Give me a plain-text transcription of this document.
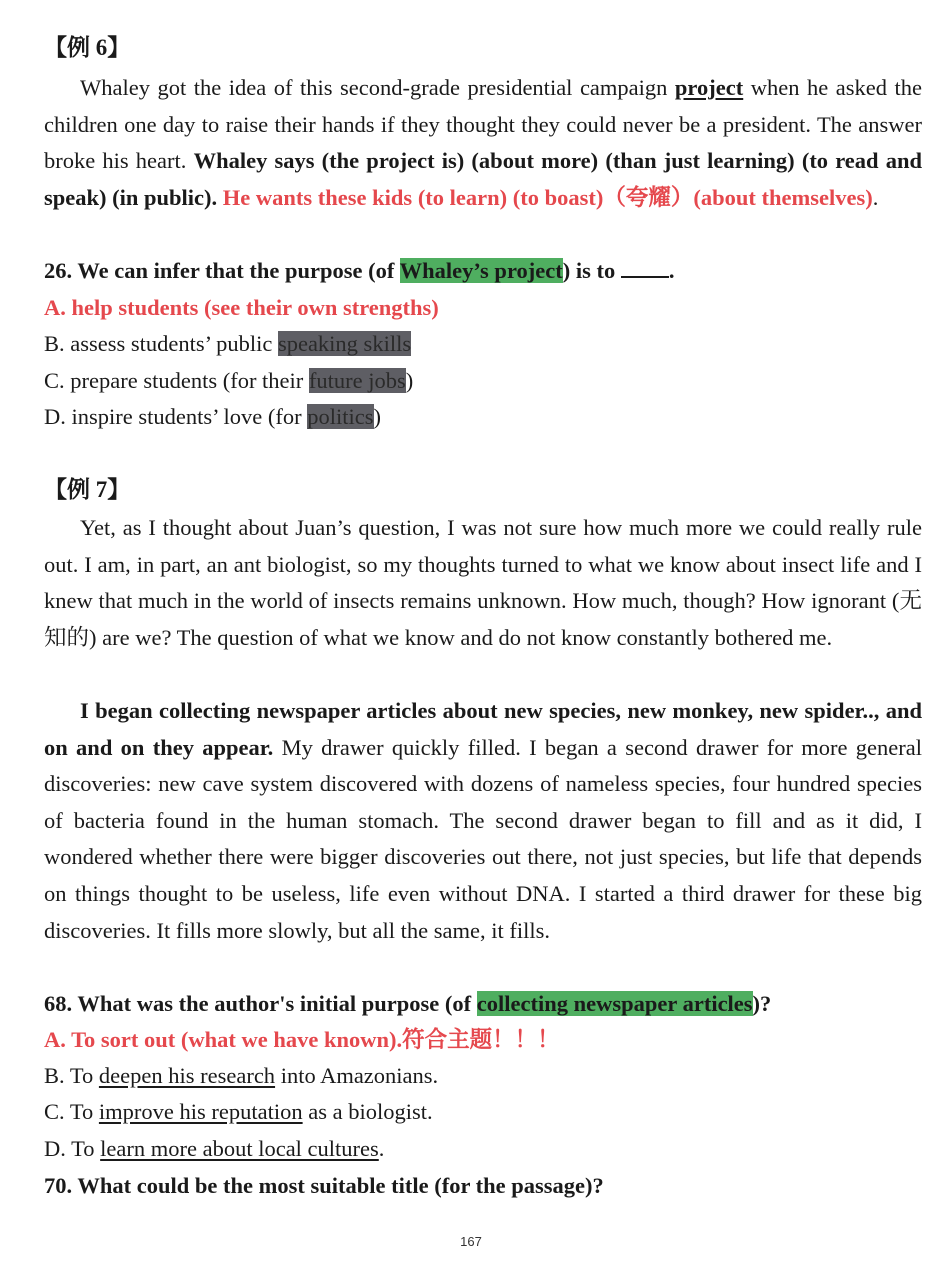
【例 6】

Whaley got the idea of this second-grade presidential campaign project when he asked the children one day to raise their hands if they thought they could never be a president. The answer broke his heart. Whaley says (the project is) (about more) (than just learning) (to read and speak) (in public). He wants these kids (to learn) (to boast)（夸耀）(about themselves).

26. We can infer that the purpose (of Whaley’s project) is to .
A. help students (see their own strengths)
B. assess students’ public speaking skills
C. prepare students (for their future jobs)
D. inspire students’ love (for politics)
【例 7】

Yet, as I thought about Juan’s question, I was not sure how much more we could really rule out. I am, in part, an ant biologist, so my thoughts turned to what we know about insect life and I knew that much in the world of insects remains unknown. How much, though? How ignorant (无知的) are we? The question of what we know and do not know constantly bothered me.

I began collecting newspaper articles about new species, new monkey, new spider.., and on and on they appear. My drawer quickly filled. I began a second drawer for more general discoveries: new cave system discovered with dozens of nameless species, four hundred species of bacteria found in the human stomach. The second drawer began to fill and as it did, I wondered whether there were bigger discoveries out there, not just species, but life that depends on things thought to be useless, life even without DNA. I started a third drawer for these big discoveries. It fills more slowly, but all the same, it fills.

68. What was the author's initial purpose (of collecting newspaper articles)?
A. To sort out (what we have known).符合主题！！！
B. To deepen his research into Amazonians.
C. To improve his reputation as a biologist.
D. To learn more about local cultures.
70. What could be the most suitable title (for the passage)?
167
